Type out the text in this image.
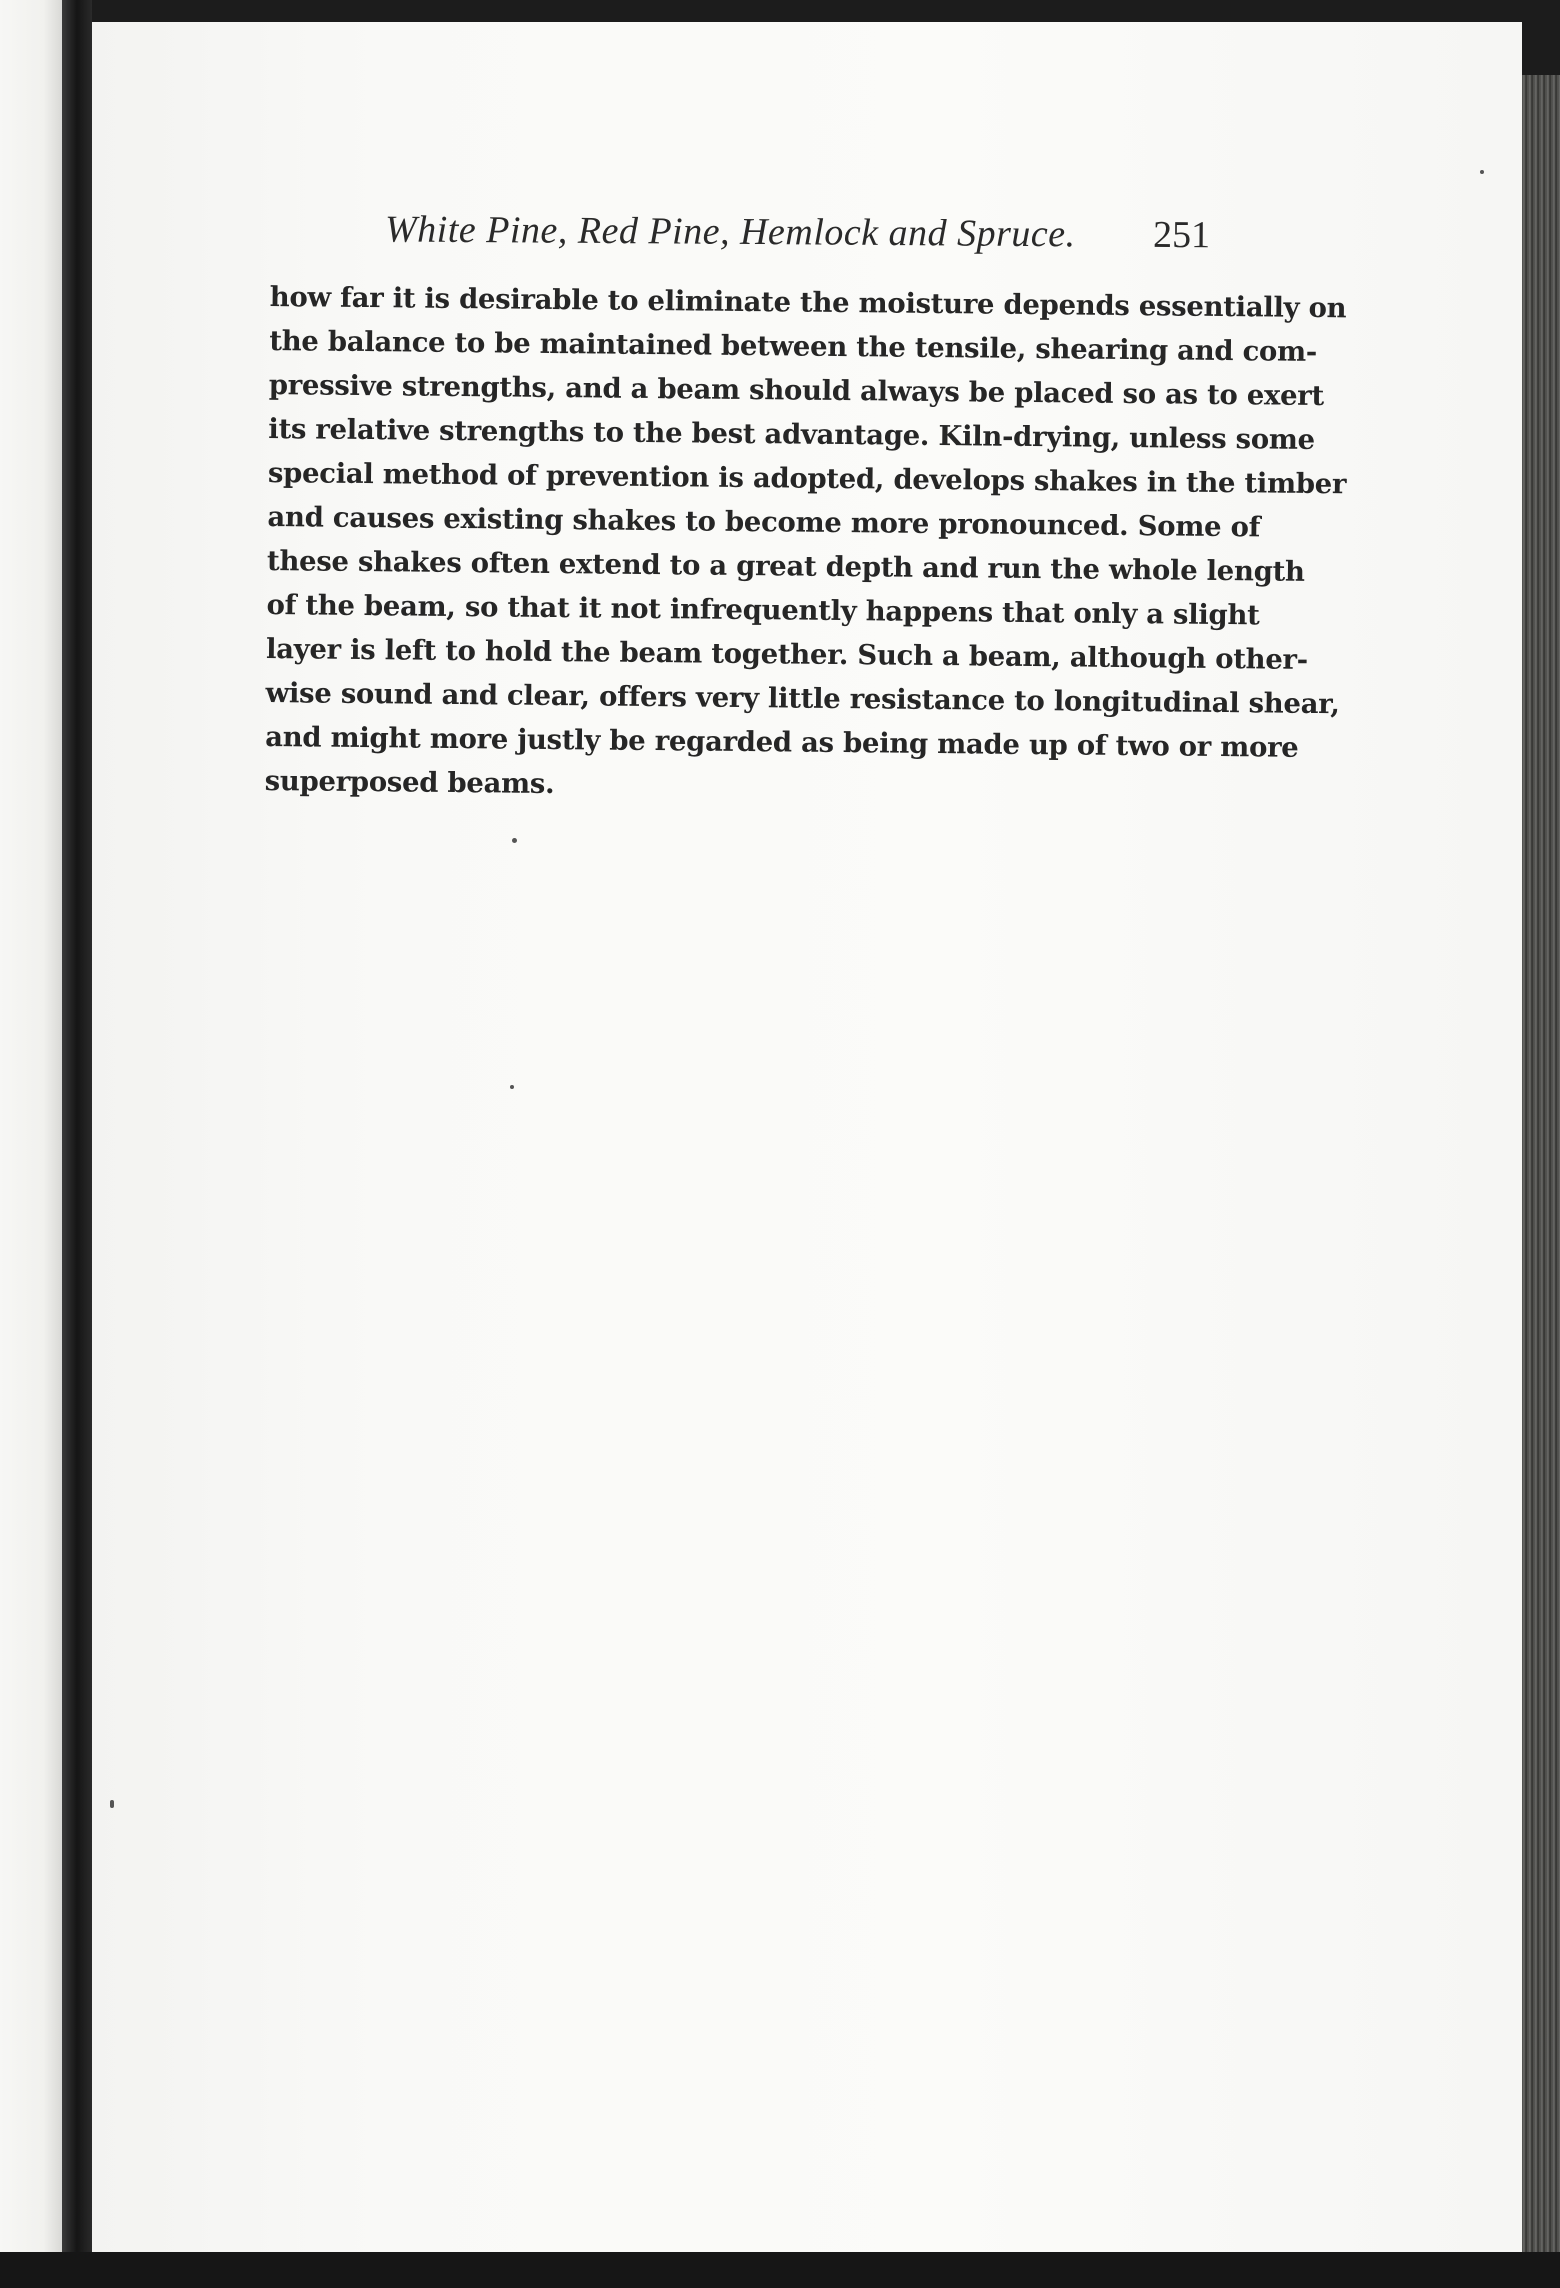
White Pine, Red Pine, Hemlock and Spruce. 251
how far it is desirable to eliminate the moisture depends essentially on
the balance to be maintained between the tensile, shearing and com-
pressive strengths, and a beam should always be placed so as to exert
its relative strengths to the best advantage. Kiln-drying, unless some
special method of prevention is adopted, develops shakes in the timber
and causes existing shakes to become more pronounced. Some of
these shakes often extend to a great depth and run the whole length
of the beam, so that it not infrequently happens that only a slight
layer is left to hold the beam together. Such a beam, although other-
wise sound and clear, offers very little resistance to longitudinal shear,
and might more justly be regarded as being made up of two or more
superposed beams.
